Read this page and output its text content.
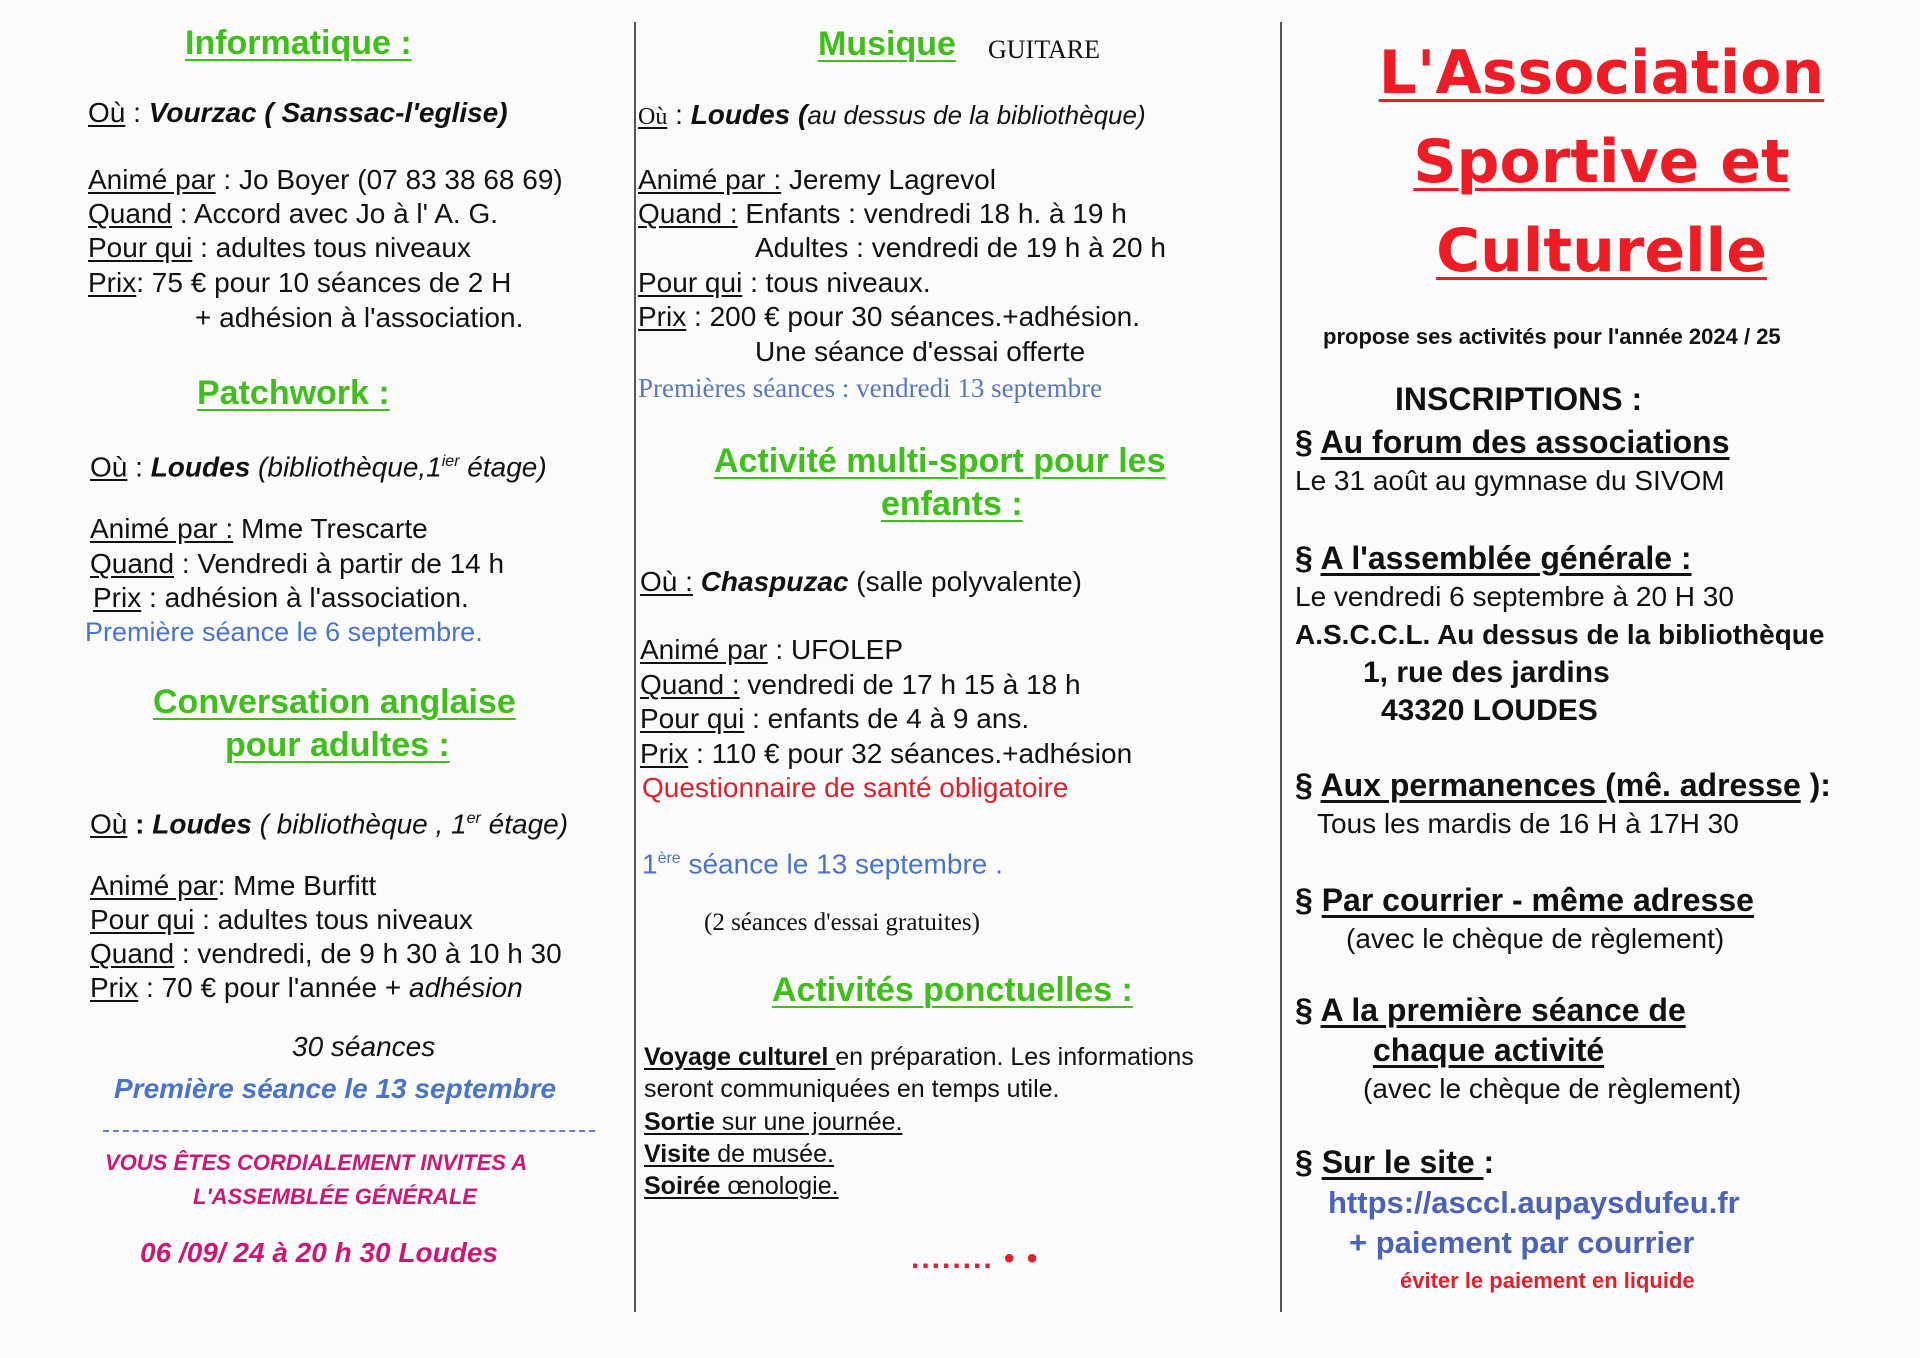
Informatique :
Où : Vourzac ( Sanssac-l'eglise)
Animé par : Jo Boyer (07 83 38 68 69)
Quand : Accord avec Jo à l' A. G.
Pour qui : adultes tous niveaux
Prix: 75 € pour 10 séances de 2 H
+ adhésion à l'association.
Patchwork :
Où : Loudes ($bibliothèque,1^{ier}$ étage)
Animé par : Mme Trescarte
Quand : Vendredi à partir de 14 h
Prix : adhésion à l'association.
Première séance le 6 septembre.
Conversation anglaise
pour adultes :
Où : Loudes ( bibliothèque , 1er étage)
Animé par: Mme Burfitt
Pour qui : adultes tous niveaux
Quand : vendredi, de 9 h 30 à 10 h 30
Prix : 70 € pour l'année + adhésion
30 séances
Première séance le 13 septembre
VOUS ÊTES CORDIALEMENT INVITES A
L'ASSEMBLÉE GÉNÉRALE
06 /09/ 24 à 20 h 30 Loudes
Musique GUITARE
Où : Loudes (au dessus de la bibliothèque)
Animé par : Jeremy Lagrevol
Quand : Enfants : vendredi 18 h. à 19 h
Adultes : vendredi de 19 h à 20 h
Pour qui : tous niveaux.
Prix : 200 € pour 30 séances.+adhésion.
Une séance d'essai offerte
Premières séances : vendredi 13 septembre
Activité multi-sport pour les
enfants :
Où : Chaspuzac (salle polyvalente)
Animé par : UFOLEP
Quand : vendredi de 17 h 15 à 18 h
Pour qui : enfants de 4 à 9 ans.
Prix : 110 € pour 32 séances.+adhésion
Questionnaire de santé obligatoire
1ère séance le 13 septembre .
(2 séances d'essai gratuites)
Activités ponctuelles :
Voyage culturel en préparation. Les informations
seront communiquées en temps utile.
Sortie sur une journée.
Visite de musée.
Soirée œnologie.
........ • •
L'Association
Sportive et
Culturelle
propose ses activités pour l'année 2024 / 25
INSCRIPTIONS :
§ Au forum des associations
Le 31 août au gymnase du SIVOM
§ A l'assemblée générale :
Le vendredi 6 septembre à 20 H 30
A.S.C.C.L. Au dessus de la bibliothèque
1, rue des jardins
43320 LOUDES
§ Aux permanences (mê. adresse ):
Tous les mardis de 16 H à 17H 30
§ Par courrier - même adresse
(avec le chèque de règlement)
§ A la première séance de
chaque activité
(avec le chèque de règlement)
§ Sur le site :
https://asccl.aupaysdufeu.fr
+ paiement par courrier
éviter le paiement en liquide
